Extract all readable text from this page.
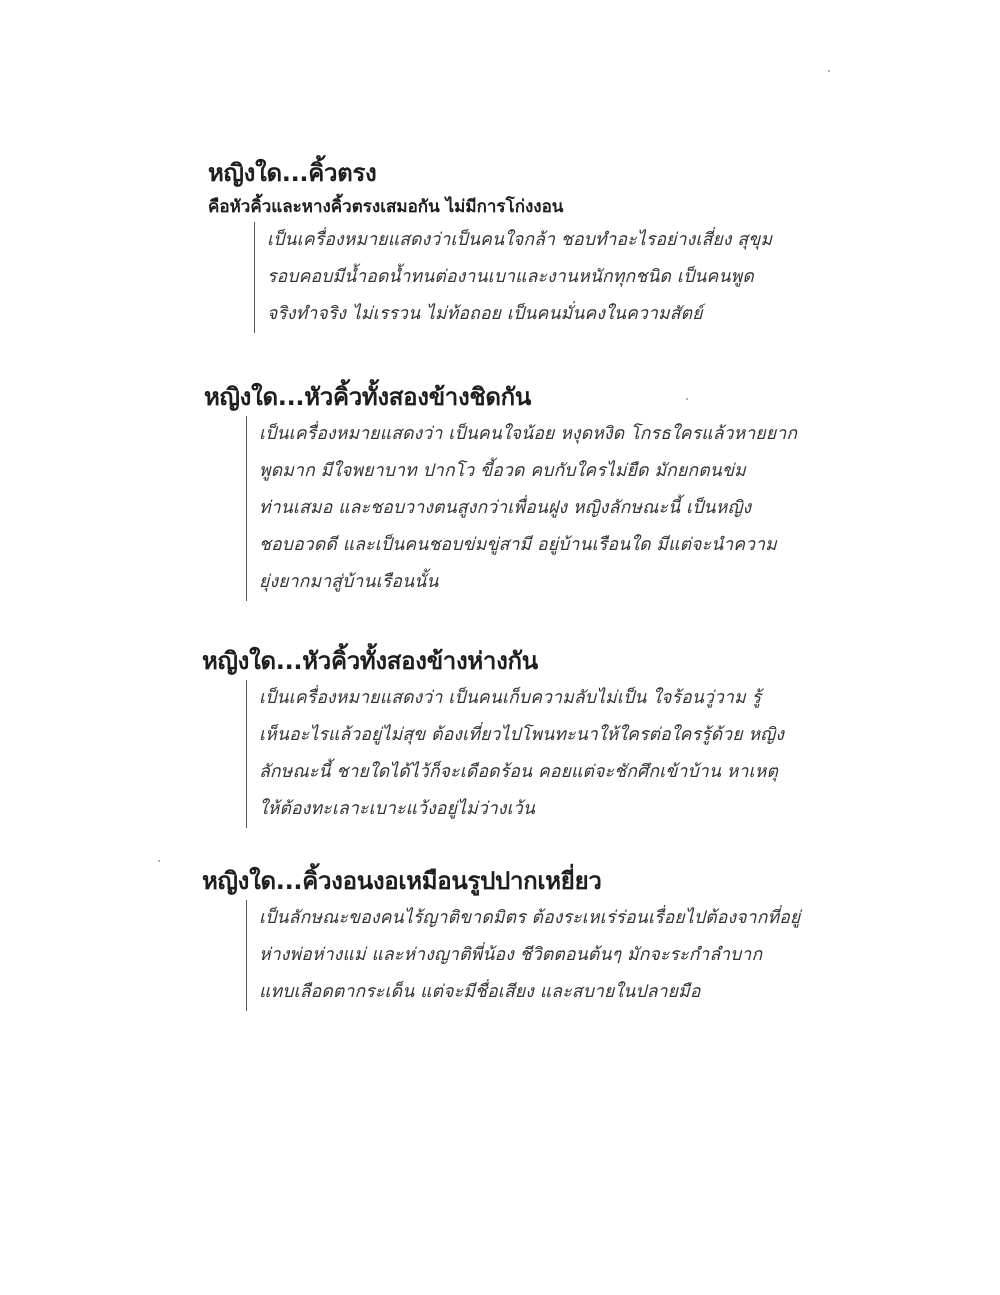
หญิงใด...คิ้วตรง
คือหัวคิ้วและหางคิ้วตรงเสมอกัน ไม่มีการโก่งงอน
เป็นเครื่องหมายแสดงว่าเป็นคนใจกล้า ชอบทำอะไรอย่างเสี่ยง สุขุม
รอบคอบมีน้ำอดน้ำทนต่องานเบาและงานหนักทุกชนิด เป็นคนพูด
จริงทำจริง ไม่เรรวน ไม่ท้อถอย เป็นคนมั่นคงในความสัตย์
หญิงใด...หัวคิ้วทั้งสองข้างชิดกัน
เป็นเครื่องหมายแสดงว่า เป็นคนใจน้อย หงุดหงิด โกรธใครแล้วหายยาก
พูดมาก มีใจพยาบาท ปากโว ขี้อวด คบกับใครไม่ยืด มักยกตนข่ม
ท่านเสมอ และชอบวางตนสูงกว่าเพื่อนฝูง หญิงลักษณะนี้ เป็นหญิง
ชอบอวดดี และเป็นคนชอบข่มขู่สามี อยู่บ้านเรือนใด มีแต่จะนำความ
ยุ่งยากมาสู่บ้านเรือนนั้น
หญิงใด...หัวคิ้วทั้งสองข้างห่างกัน
เป็นเครื่องหมายแสดงว่า เป็นคนเก็บความลับไม่เป็น ใจร้อนวู่วาม รู้
เห็นอะไรแล้วอยู่ไม่สุข ต้องเที่ยวไปโพนทะนาให้ใครต่อใครรู้ด้วย หญิง
ลักษณะนี้ ชายใดได้ไว้ก็จะเดือดร้อน คอยแต่จะชักศึกเข้าบ้าน หาเหตุ
ให้ต้องทะเลาะเบาะแว้งอยู่ไม่ว่างเว้น
หญิงใด...คิ้วงอนงอเหมือนรูปปากเหยี่ยว
เป็นลักษณะของคนไร้ญาติขาดมิตร ต้องระเหเร่ร่อนเรื่อยไปต้องจากที่อยู่
ห่างพ่อห่างแม่ และห่างญาติพี่น้อง ชีวิตตอนต้นๆ มักจะระกำลำบาก
แทบเลือดตากระเด็น แต่จะมีชื่อเสียง และสบายในปลายมือ
